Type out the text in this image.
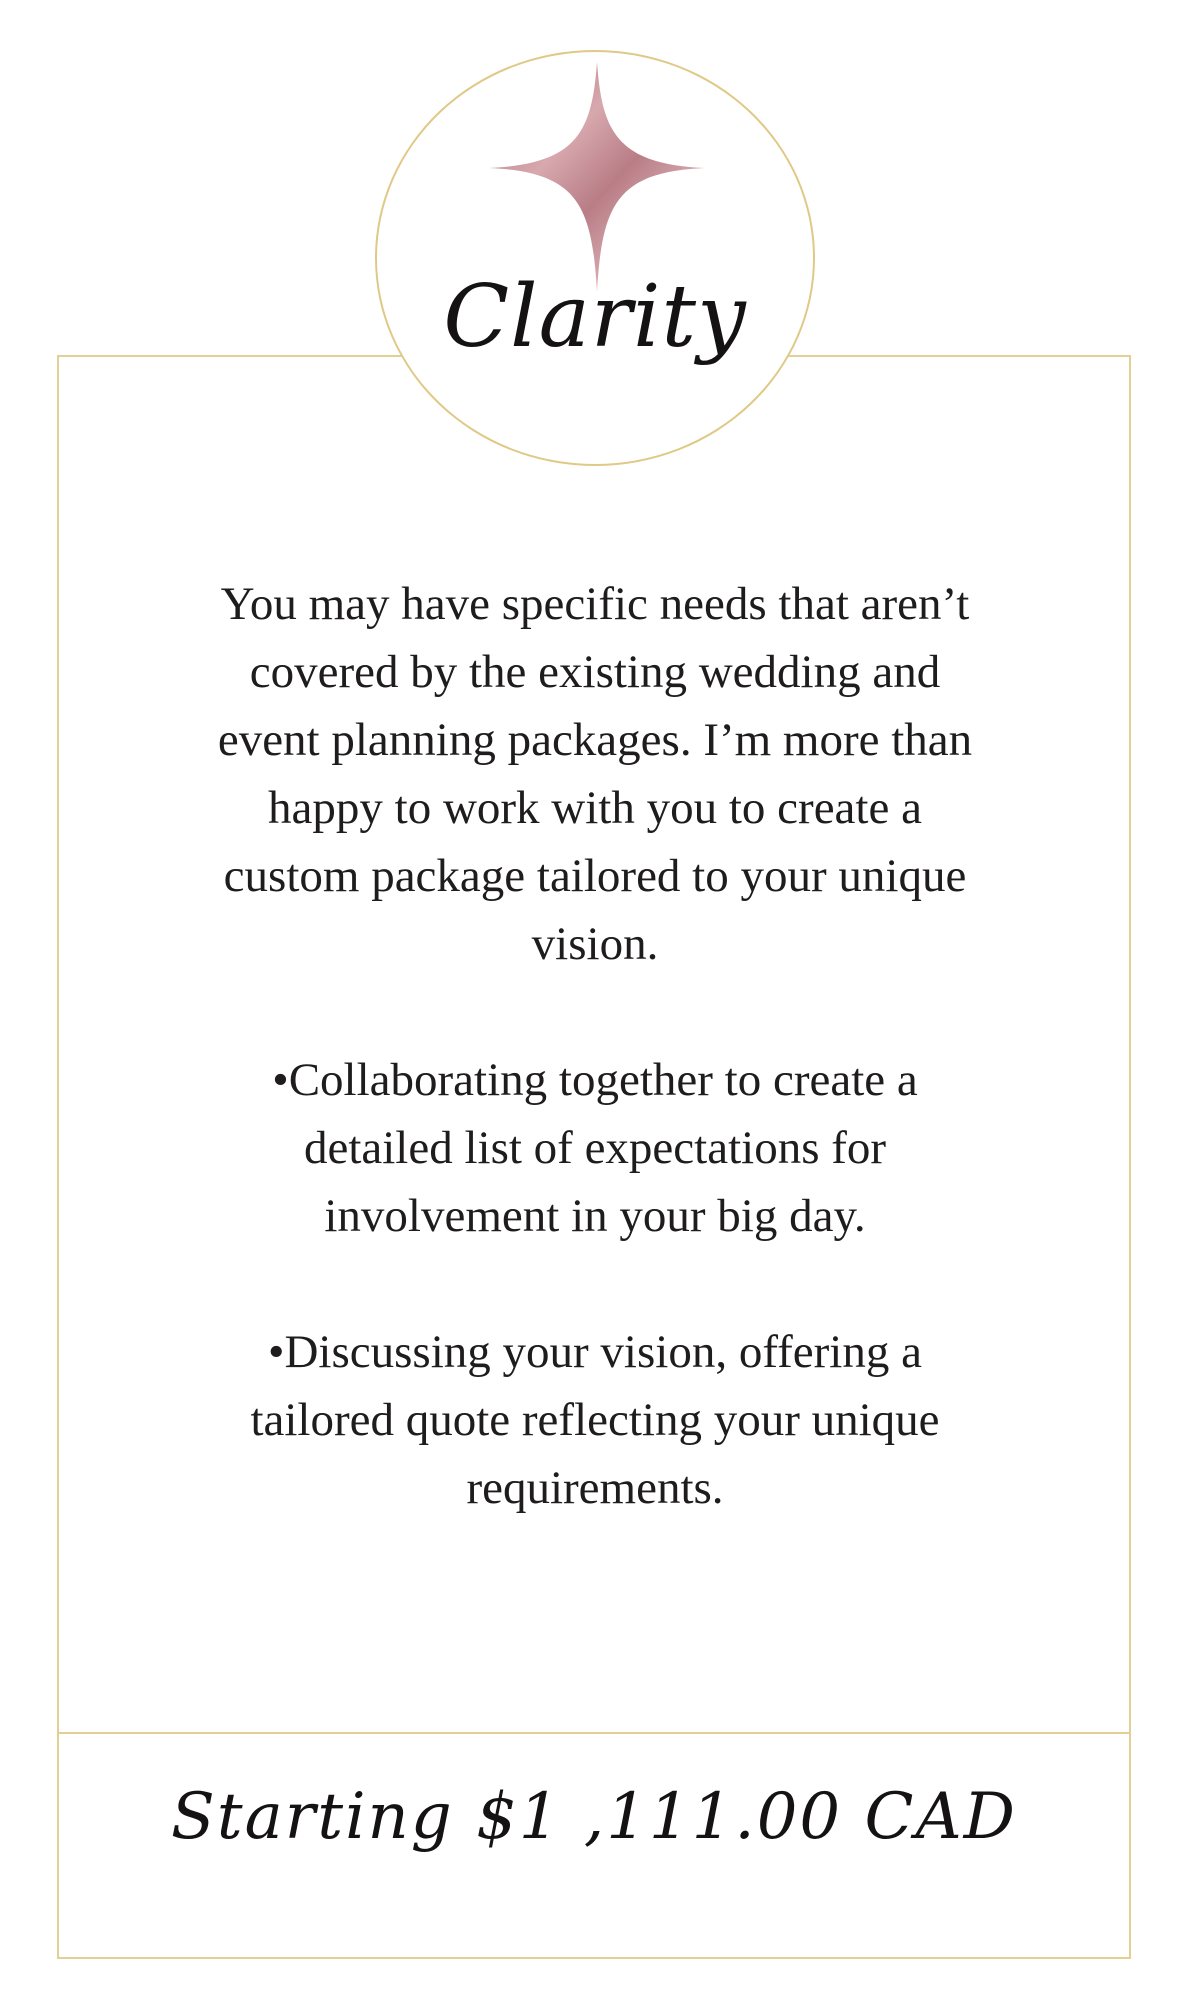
Clarity

You may have specific needs that aren’t covered by the existing wedding and event planning packages. I’m more than happy to work with you to create a custom package tailored to your unique vision.

•Collaborating together to create a detailed list of expectations for involvement in your big day.

•Discussing your vision, offering a tailored quote reflecting your unique requirements.

Starting $1 ,111.00 CAD
